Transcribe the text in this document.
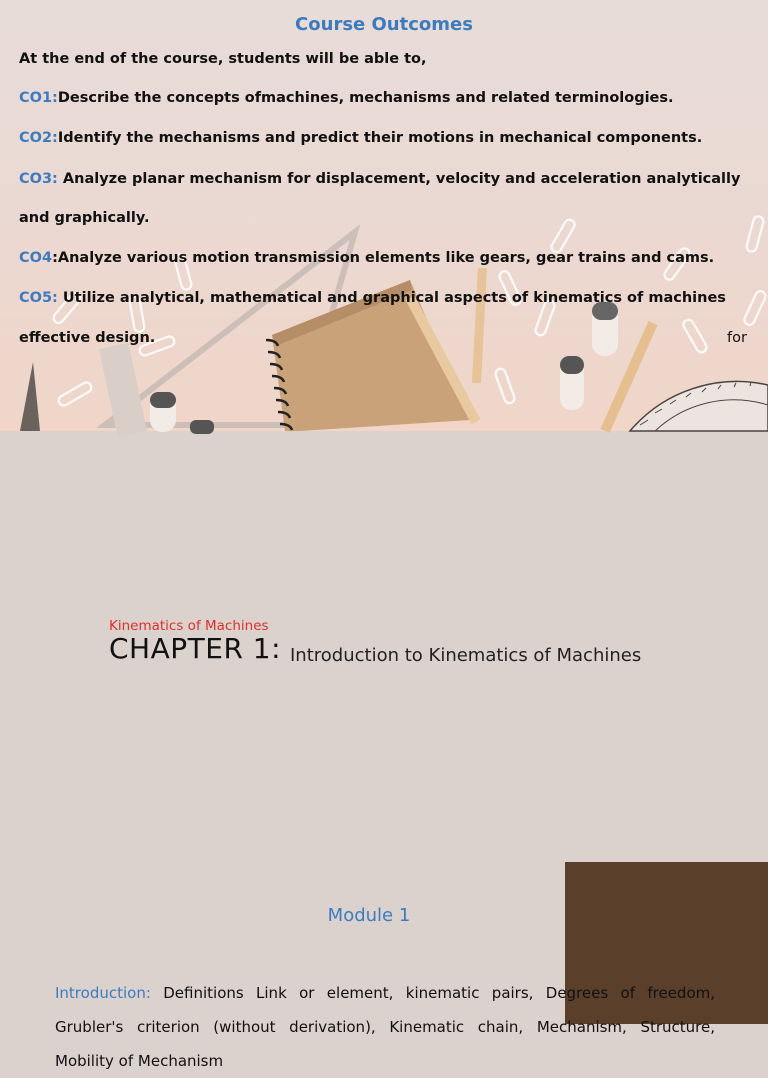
Course Outcomes
At the end of the course, students will be able to,
CO1:Describe the concepts ofmachines, mechanisms and related terminologies.
CO2:Identify the mechanisms and predict their motions in mechanical components.
CO3: Analyze planar mechanism for displacement, velocity and acceleration analytically
and graphically.
CO4:Analyze various motion transmission elements like gears, gear trains and cams.
CO5: Utilize analytical, mathematical and graphical aspects of kinematics of machines
effective design.	for
Kinematics of Machines
CHAPTER 1: Introduction to Kinematics of Machines
Module 1
Introduction: Definitions Link or element, kinematic pairs, Degrees of freedom, Grubler's criterion (without derivation), Kinematic chain, Mechanism, Structure, Mobility of Mechanism
